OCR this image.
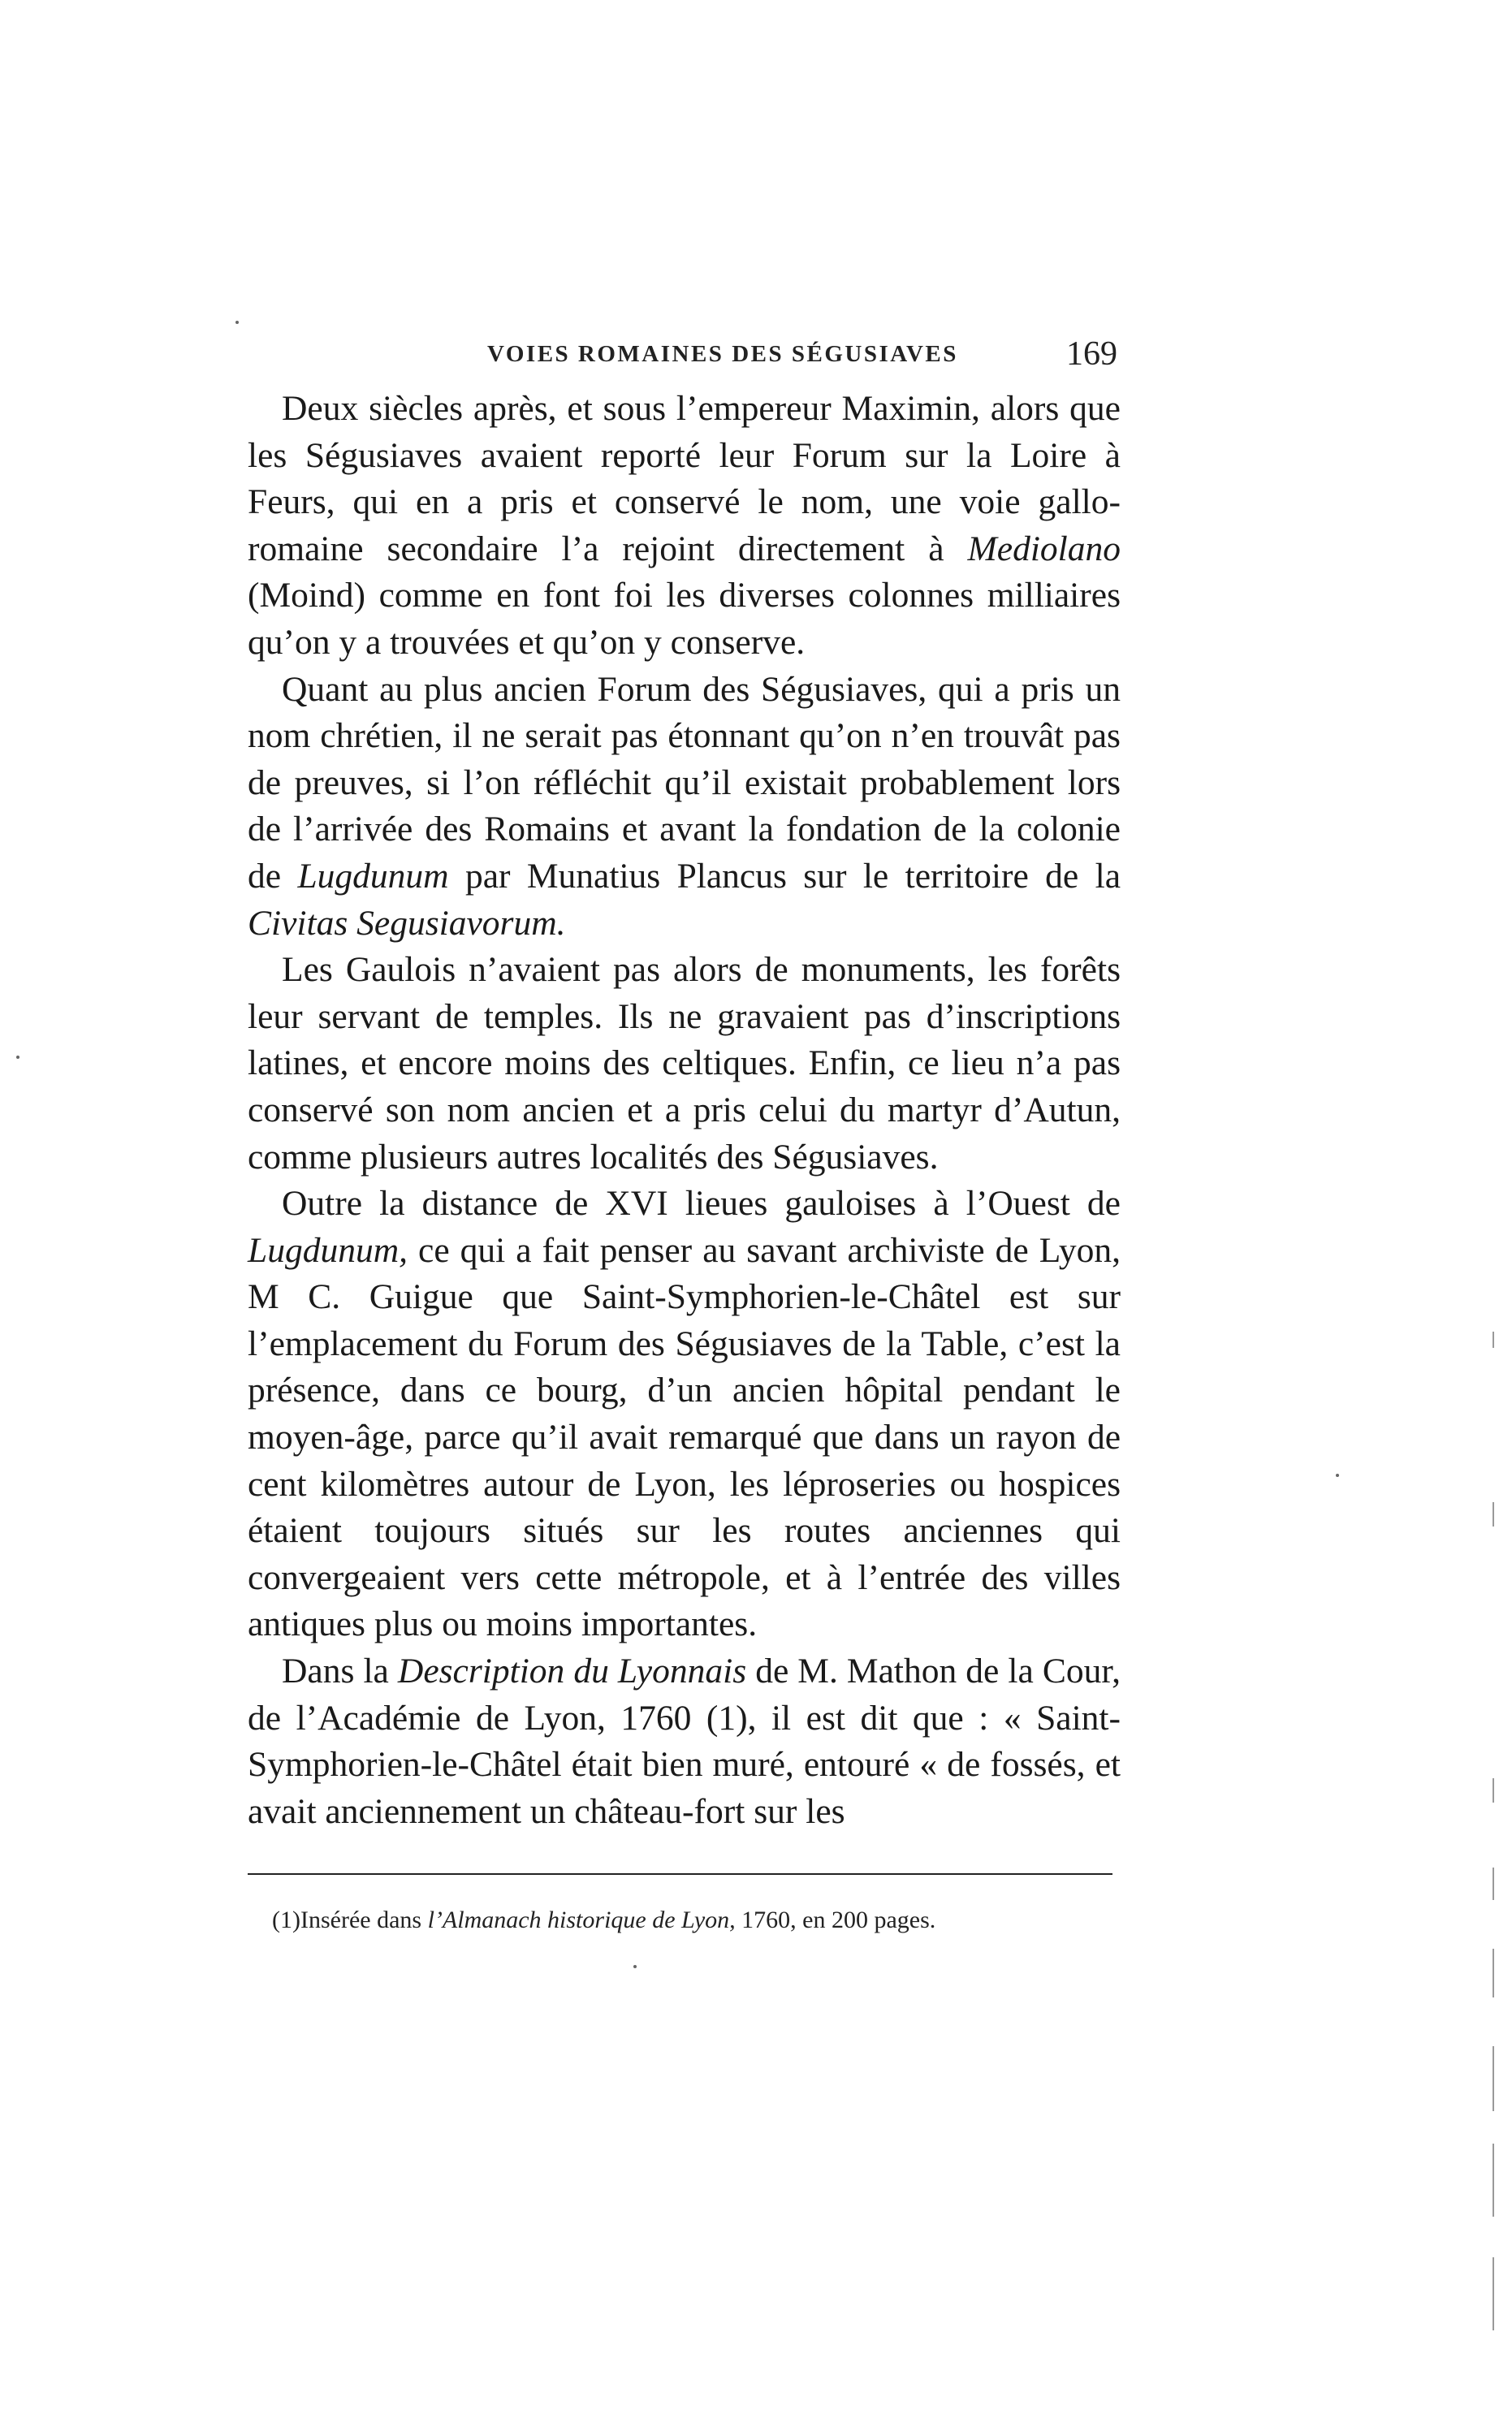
VOIES ROMAINES DES SÉGUSIAVES	169

Deux siècles après, et sous l’empereur Maximin, alors que les Ségusiaves avaient reporté leur Forum sur la Loire à Feurs, qui en a pris et conservé le nom, une voie gallo-romaine secondaire l’a rejoint directement à Mediolano (Moind) comme en font foi les diverses colonnes milliaires qu’on y a trouvées et qu’on y conserve.

Quant au plus ancien Forum des Ségusiaves, qui a pris un nom chrétien, il ne serait pas étonnant qu’on n’en trouvât pas de preuves, si l’on réfléchit qu’il existait probablement lors de l’arrivée des Romains et avant la fondation de la colonie de Lugdunum par Munatius Plancus sur le territoire de la Civitas Segusiavorum.

Les Gaulois n’avaient pas alors de monuments, les forêts leur servant de temples. Ils ne gravaient pas d’inscriptions latines, et encore moins des celtiques. Enfin, ce lieu n’a pas conservé son nom ancien et a pris celui du martyr d’Autun, comme plusieurs autres localités des Ségusiaves.

Outre la distance de XVI lieues gauloises à l’Ouest de Lugdunum, ce qui a fait penser au savant archiviste de Lyon, M C. Guigue que Saint-Symphorien-le-Châtel est sur l’emplacement du Forum des Ségusiaves de la Table, c’est la présence, dans ce bourg, d’un ancien hôpital pendant le moyen-âge, parce qu’il avait remarqué que dans un rayon de cent kilomètres autour de Lyon, les léproseries ou hospices étaient toujours situés sur les routes anciennes qui convergeaient vers cette métropole, et à l’entrée des villes antiques plus ou moins importantes.

Dans la Description du Lyonnais de M. Mathon de la Cour, de l’Académie de Lyon, 1760 (1), il est dit que : « Saint-Symphorien-le-Châtel était bien muré, entouré « de fossés, et avait anciennement un château-fort sur les

(1)Insérée dans l’Almanach historique de Lyon, 1760, en 200 pages.
